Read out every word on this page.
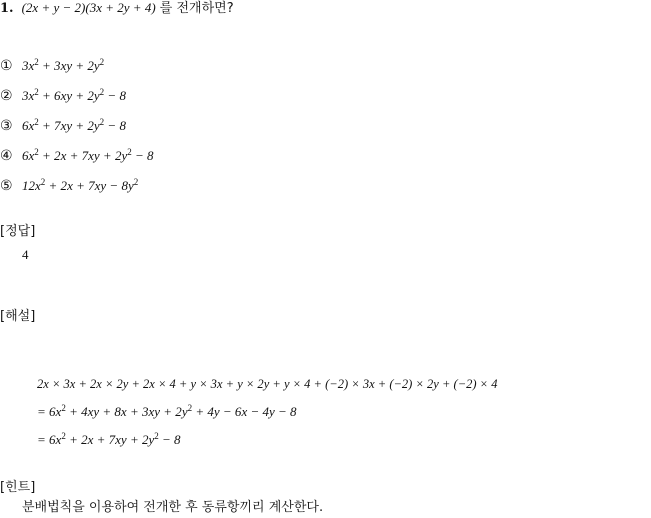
1. (2x + y − 2)(3x + 2y + 4) 를 전개하면?
① $3x^2 + 3xy + 2y^2$
② $3x^2 + 6xy + 2y^2 - 8$
③ $6x^2 + 7xy + 2y^2 - 8$
④ $6x^2 + 2x + 7xy + 2y^2 - 8$
⑤ $12x^2 + 2x + 7xy - 8y^2$
[정답]
4
[해설]
2x × 3x + 2x × 2y + 2x × 4 + y × 3x + y × 2y + y × 4 + (−2) × 3x + (−2) × 2y + (−2) × 4
= $6x^2 + 4xy + 8x + 3xy + 2y^2 + 4y - 6x - 4y - 8$
= $6x^2 + 2x + 7xy + 2y^2 - 8$
[힌트]
분배법칙을 이용하여 전개한 후 동류항끼리 계산한다.
